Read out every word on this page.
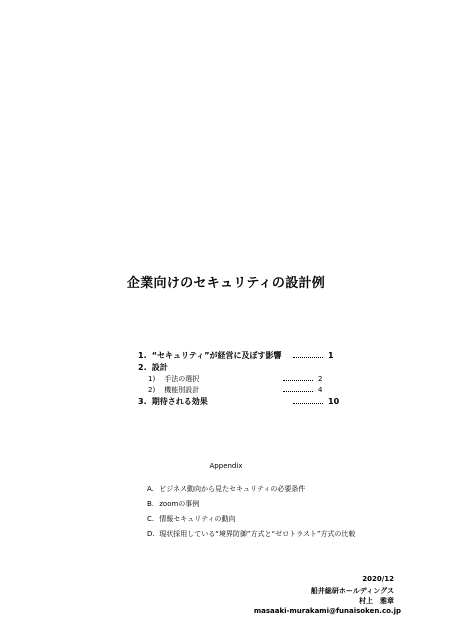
企業向けのセキュリティの設計例
1. “セキュリティ”が経営に及ぼす影響	1
2. 設計
1) 手法の選択	2
2) 機能別設計	4
3. 期待される効果	10
Appendix
A. ビジネス動向から見たセキュリティの必要条件
B. zoomの事例
C. 情報セキュリティの動向
D. 現状採用している“境界防御”方式と“ゼロトラスト”方式の比較
2020/12
船井総研ホールディングス
村上　雅章
masaaki-murakami@funaisoken.co.jp
